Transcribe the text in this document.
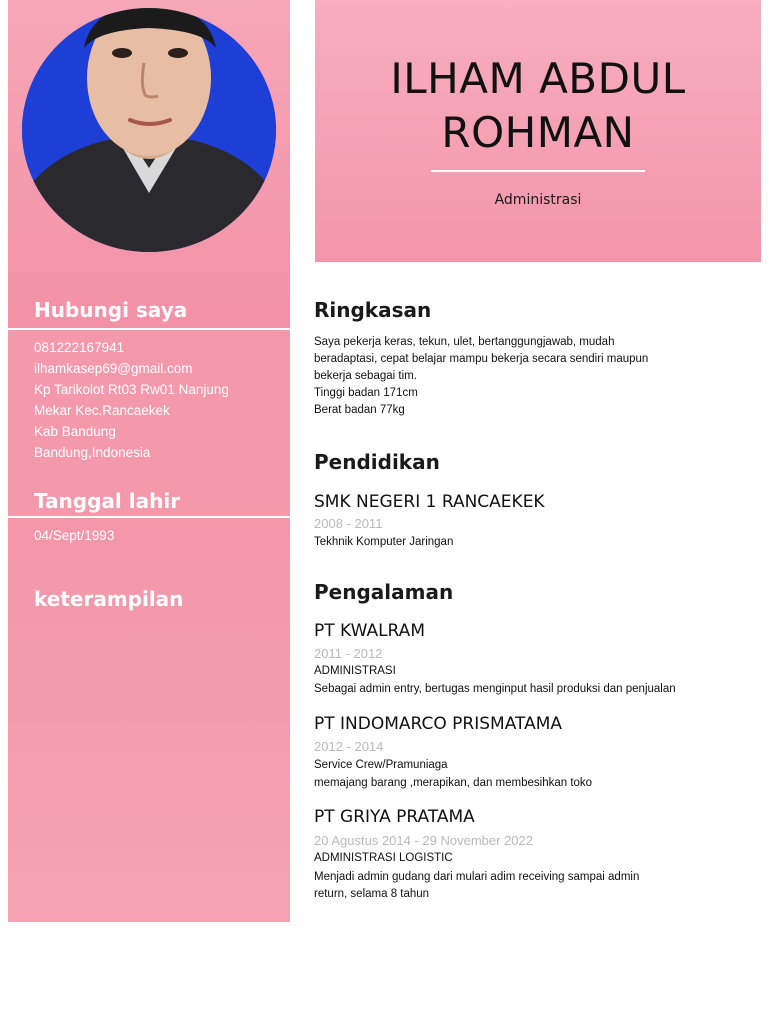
Hubungi saya
Tanggal lahir
04/Sept/1993
keterampilan
081222167941
ilhamkasep69@gmail.com
Kp Tarikolot Rt03 Rw01 Nanjung
Mekar Kec.Rancaekek
Kab Bandung
Bandung,Indonesia
ILHAM ABDUL
ROHMAN
Administrasi
Ringkasan
Saya pekerja keras, tekun, ulet, bertanggungjawab, mudah
beradaptasi, cepat belajar mampu bekerja secara sendiri maupun
bekerja sebagai tim.
Tinggi badan 171cm
Berat badan 77kg
Pendidikan
SMK NEGERI 1 RANCAEKEK
2008 - 2011
Tekhnik Komputer Jaringan
Pengalaman
PT KWALRAM
2011 - 2012
ADMINISTRASI
Sebagai admin entry, bertugas menginput hasil produksi dan penjualan
PT INDOMARCO PRISMATAMA
2012 - 2014
Service Crew/Pramuniaga
memajang barang ,merapikan, dan membesihkan toko
PT GRIYA PRATAMA
20 Agustus 2014 - 29 November 2022
ADMINISTRASI LOGISTIC
Menjadi admin gudang dari mulari adim receiving sampai admin
return, selama 8 tahun
